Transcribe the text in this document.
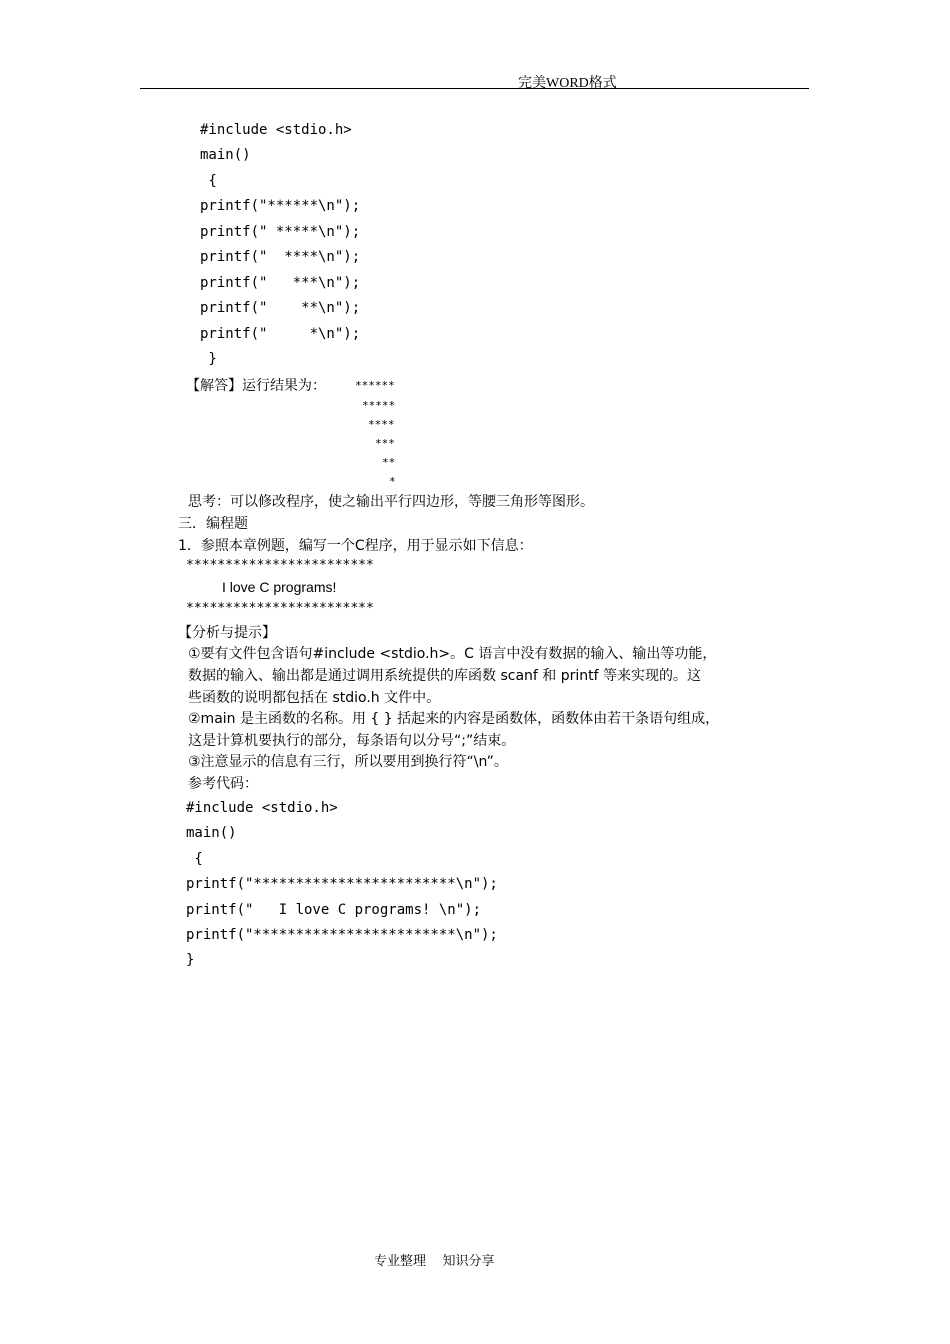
完美WORD格式
#include <stdio.h>
main()
{
printf("******\n");
printf(" *****\n");
printf("  ****\n");
printf("   ***\n");
printf("    **\n");
printf("     *\n");
}
【解答】运行结果为：	******
*****
****
***
**
*
思考：可以修改程序，使之输出平行四边形，等腰三角形等图形。
三．编程题
1．参照本章例题，编写一个C程序，用于显示如下信息：
************************
I love C programs!
************************
【分析与提示】
①要有文件包含语句#include <stdio.h>。C 语言中没有数据的输入、输出等功能，
数据的输入、输出都是通过调用系统提供的库函数 scanf 和 printf 等来实现的。这
些函数的说明都包括在 stdio.h 文件中。
②main 是主函数的名称。用 { } 括起来的内容是函数体，函数体由若干条语句组成，
这是计算机要执行的部分，每条语句以分号“;”结束。
③注意显示的信息有三行，所以要用到换行符“\n”。
参考代码：
#include <stdio.h>
main()
{
printf("************************\n");
printf("   I love C programs! \n");
printf("************************\n");
}
专业整理    知识分享
